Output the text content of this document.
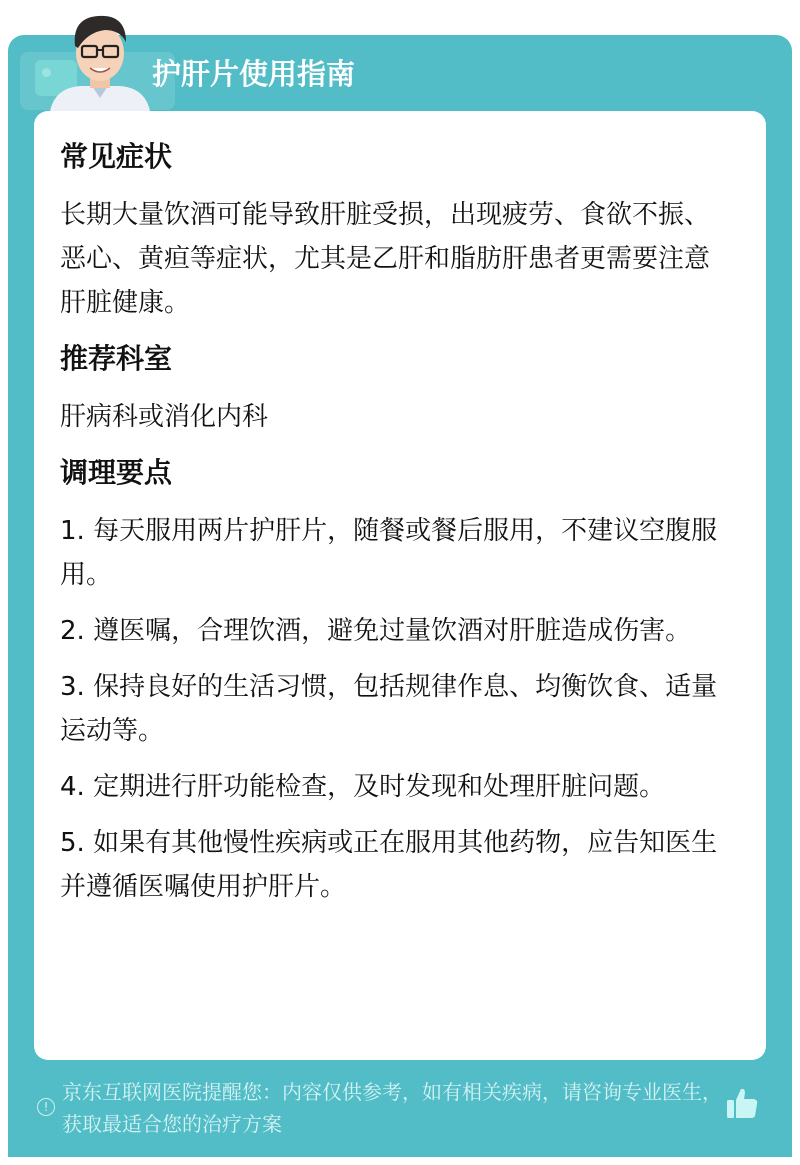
护肝片使用指南
常见症状

长期大量饮酒可能导致肝脏受损，出现疲劳、食欲不振、恶心、黄疸等症状，尤其是乙肝和脂肪肝患者更需要注意肝脏健康。

推荐科室

肝病科或消化内科

调理要点

1. 每天服用两片护肝片，随餐或餐后服用，不建议空腹服用。

2. 遵医嘱，合理饮酒，避免过量饮酒对肝脏造成伤害。

3. 保持良好的生活习惯，包括规律作息、均衡饮食、适量运动等。

4. 定期进行肝功能检查，及时发现和处理肝脏问题。

5. 如果有其他慢性疾病或正在服用其他药物，应告知医生并遵循医嘱使用护肝片。

!
京东互联网医院提醒您：内容仅供参考，如有相关疾病，请咨询专业医生，获取最适合您的治疗方案
